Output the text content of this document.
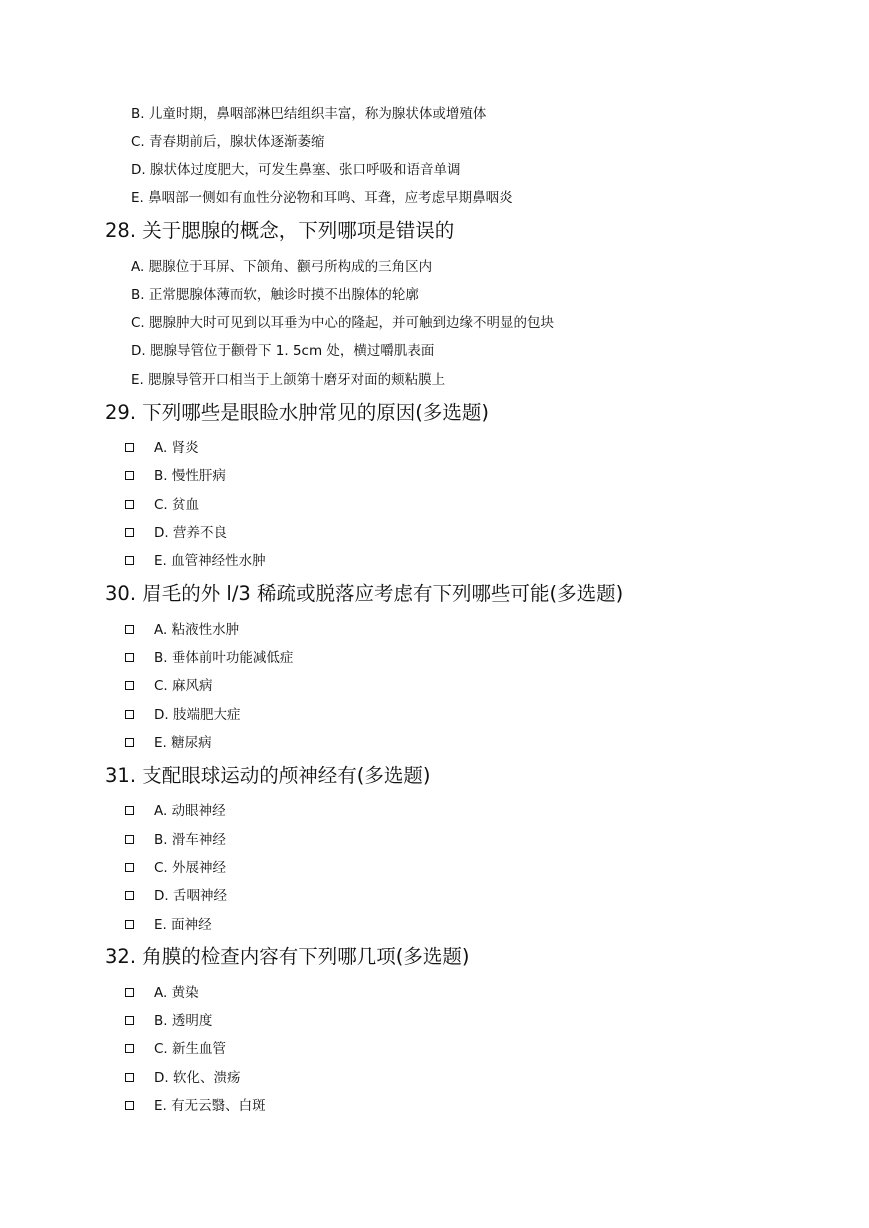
B. 儿童时期，鼻咽部淋巴结组织丰富，称为腺状体或增殖体
C. 青春期前后，腺状体逐渐萎缩
D. 腺状体过度肥大，可发生鼻塞、张口呼吸和语音单调
E. 鼻咽部一侧如有血性分泌物和耳鸣、耳聋，应考虑早期鼻咽炎
28. 关于腮腺的概念，下列哪项是错误的
A. 腮腺位于耳屏、下颌角、颧弓所构成的三角区内
B. 正常腮腺体薄而软，触诊时摸不出腺体的轮廓
C. 腮腺肿大时可见到以耳垂为中心的隆起，并可触到边缘不明显的包块
D. 腮腺导管位于颧骨下 1. 5cm 处，横过嚼肌表面
E. 腮腺导管开口相当于上颌第十磨牙对面的颊粘膜上
29. 下列哪些是眼睑水肿常见的原因(多选题)
A. 肾炎
B. 慢性肝病
C. 贫血
D. 营养不良
E. 血管神经性水肿
30. 眉毛的外 l/3 稀疏或脱落应考虑有下列哪些可能(多选题)
A. 粘液性水肿
B. 垂体前叶功能减低症
C. 麻风病
D. 肢端肥大症
E. 糖尿病
31. 支配眼球运动的颅神经有(多选题)
A. 动眼神经
B. 滑车神经
C. 外展神经
D. 舌咽神经
E. 面神经
32. 角膜的检查内容有下列哪几项(多选题)
A. 黄染
B. 透明度
C. 新生血管
D. 软化、溃疡
E. 有无云翳、白斑
